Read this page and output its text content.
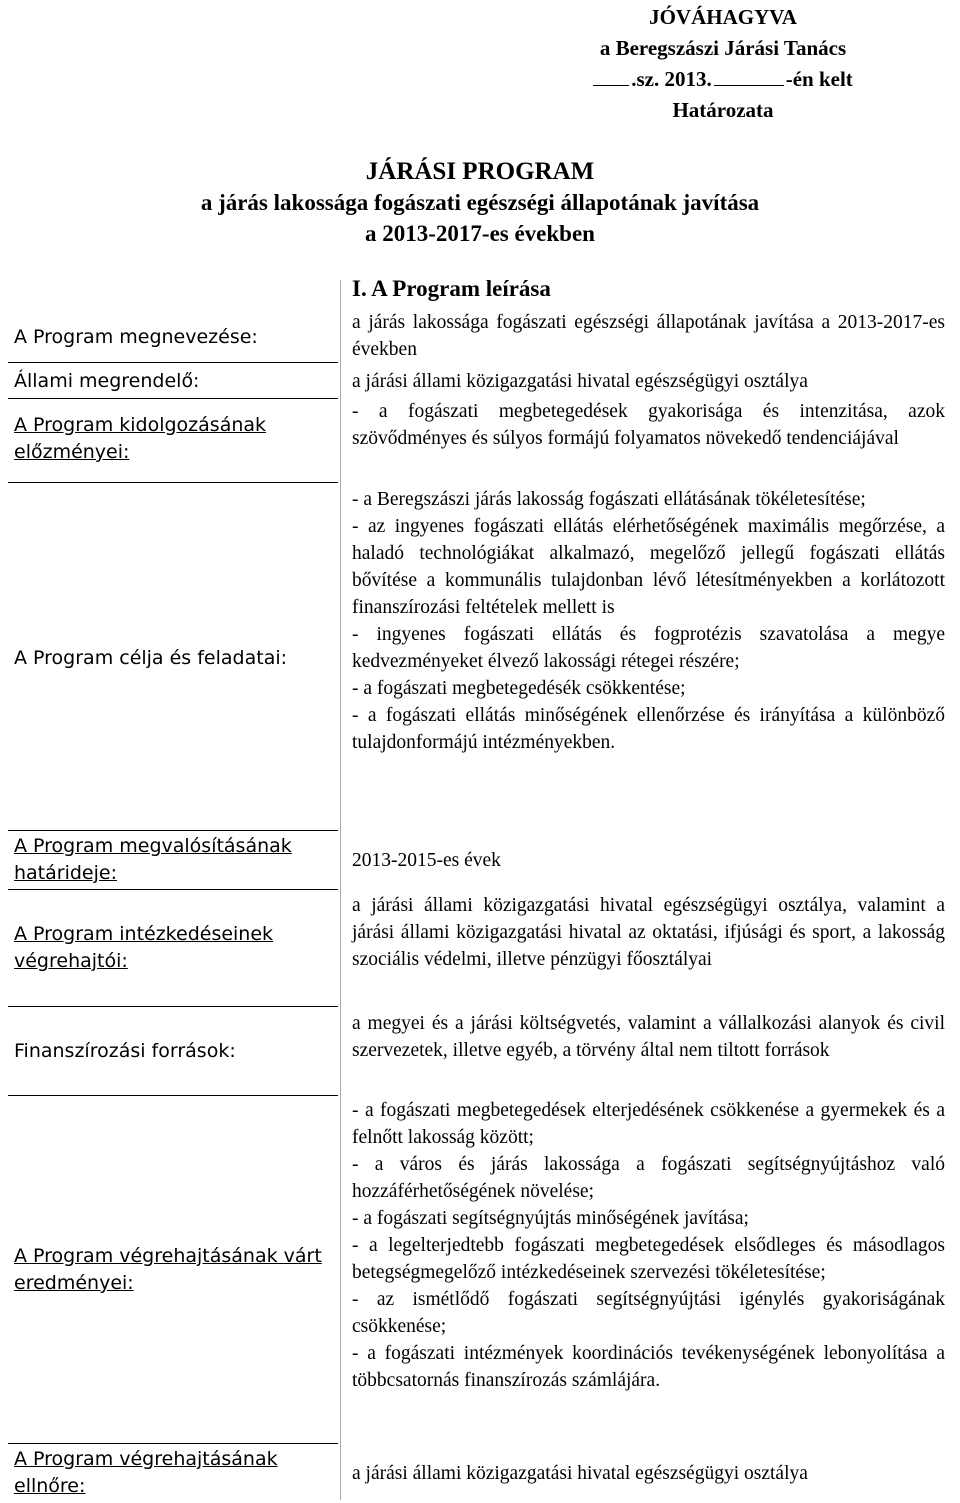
JÓVÁHAGYVA
a Beregszászi Járási Tanács
.sz. 2013.	-én kelt
Határozata
JÁRÁSI PROGRAM
a járás lakossága fogászati egészségi állapotának javítása
a 2013-2017-es években
I. A Program leírása
A Program megnevezése:
a járás lakossága fogászati egészségi állapotának javítása a 2013-2017-es években
Állami megrendelő:	a járási állami közigazgatási hivatal egészségügyi osztálya
A Program kidolgozásának előzményei:
- a fogászati megbetegedések gyakorisága és intenzitása, azok szövődményes és súlyos formájú folyamatos növekedő tendenciájával
A Program célja és feladatai:

- a Beregszászi járás lakosság fogászati ellátásának tökéletesítése;

- az ingyenes fogászati ellátás elérhetőségének maximális megőrzése, a haladó technológiákat alkalmazó, megelőző jellegű fogászati ellátás bővítése a kommunális tulajdonban lévő létesítményekben a korlátozott finanszírozási feltételek mellett is

- ingyenes fogászati ellátás és fogprotézis szavatolása a megye kedvezményeket élvező lakossági rétegei részére;

- a fogászati megbetegedésék csökkentése;

- a fogászati ellátás minőségének ellenőrzése és irányítása a különböző tulajdonformájú intézményekben.

A Program megvalósításának határideje:
2013-2015-es évek
A Program intézkedéseinek végrehajtói:
a járási állami közigazgatási hivatal egészségügyi osztálya, valamint a járási állami közigazgatási hivatal az oktatási, ifjúsági és sport, a lakosság szociális védelmi, illetve pénzügyi főosztályai
Finanszírozási források:
a megyei és a járási költségvetés, valamint a vállalkozási alanyok és civil szervezetek, illetve egyéb, a törvény által nem tiltott források
A Program végrehajtásának várt eredményei:

- a fogászati megbetegedések elterjedésének csökkenése a gyermekek és a felnőtt lakosság között;

- a város és járás lakossága a fogászati segítségnyújtáshoz való hozzáférhetőségének növelése;

- a fogászati segítségnyújtás minőségének javítása;

- a legelterjedtebb fogászati megbetegedések elsődleges és másodlagos betegségmegelőző intézkedéseinek szervezési tökéletesítése;

- az ismétlődő fogászati segítségnyújtási igénylés gyakoriságának csökkenése;

- a fogászati intézmények koordinációs tevékenységének lebonyolítása a többcsatornás finanszírozás számlájára.

A Program végrehajtásának ellnőre:
a járási állami közigazgatási hivatal egészségügyi osztálya
